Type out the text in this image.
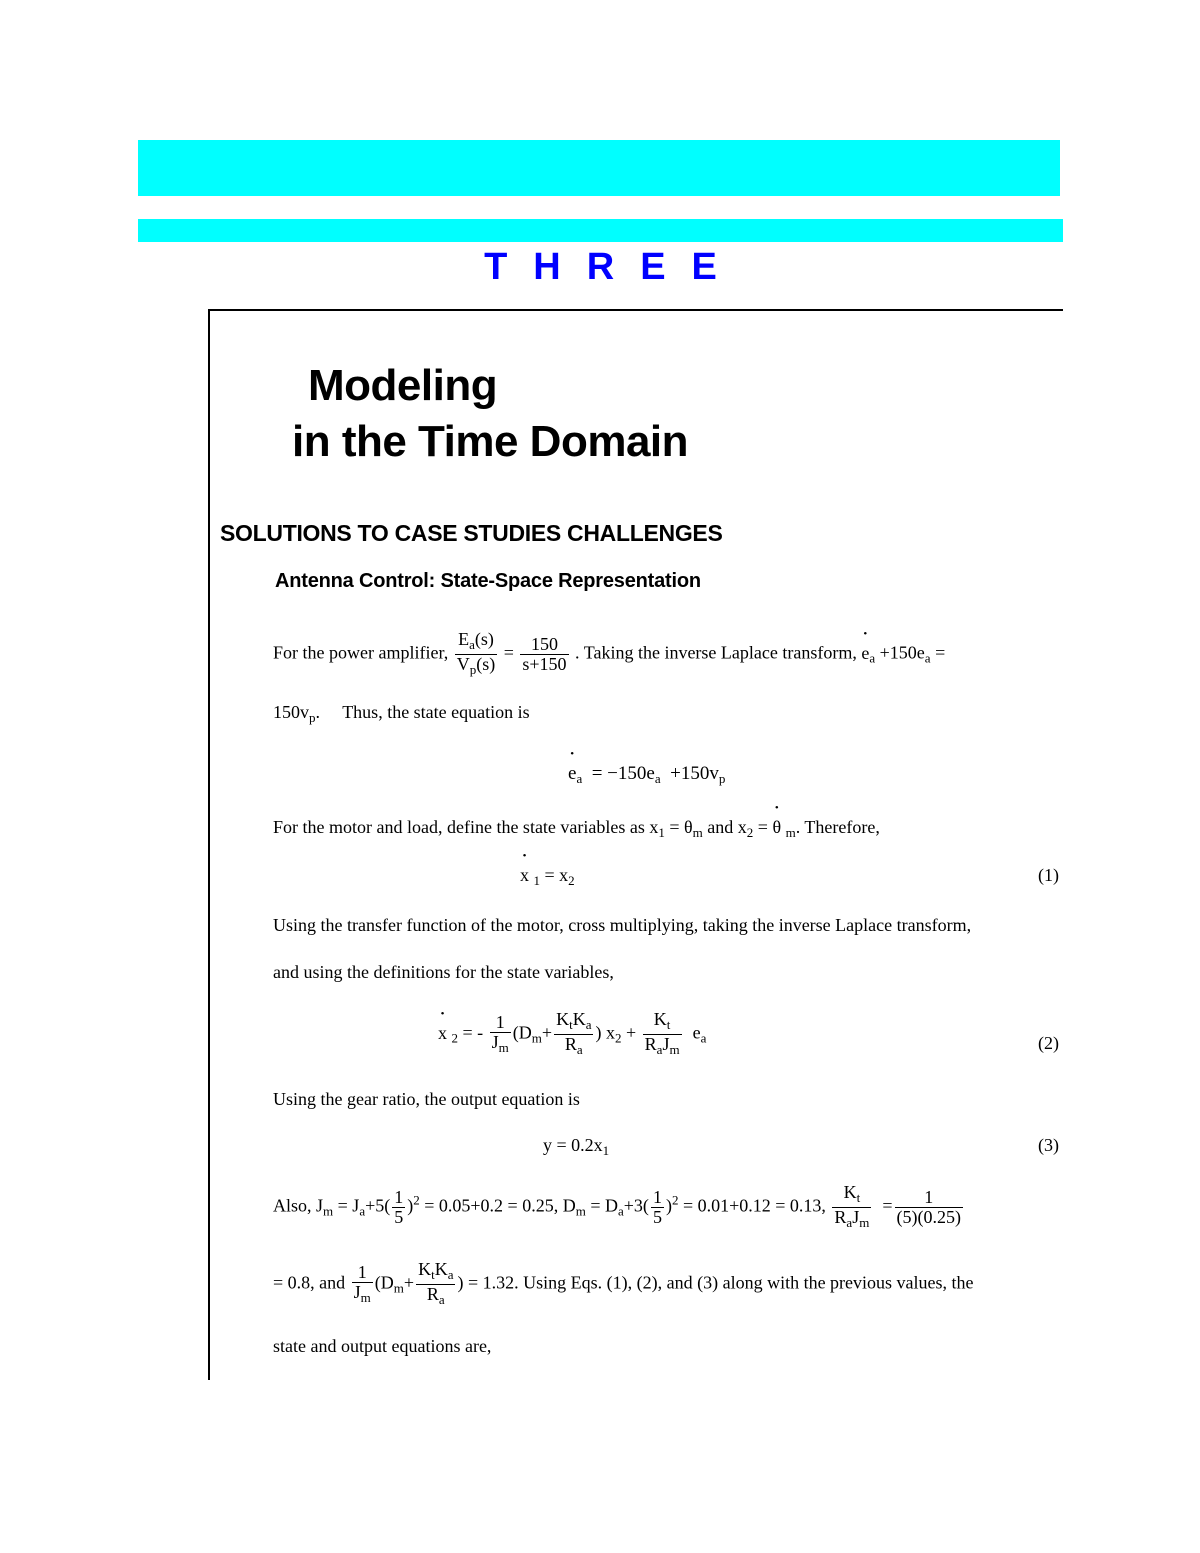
THREE
Modeling
in the Time Domain
SOLUTIONS TO CASE STUDIES CHALLENGES
Antenna Control: State-Space Representation
For the power amplifier, $\frac{E_a(s)}{V_p(s)} = \frac{150}{s+150}$ . Taking the inverse Laplace transform, • $e_a +150e_a$ =
$150v_p$.     Thus, the state equation is
• $e_a = -150e_a +150v_p$
For the motor and load, define the state variables as $x_1 = \theta_m$ and $x_2$ = • θ $_m$. Therefore,
• x $_1 = x_2$	(1)
Using the transfer function of the motor, cross multiplying, taking the inverse Laplace transform,
and using the definitions for the state variables,
• x $_2$ = - $\frac{1}{J_m} (D_m+ \frac{K_tK_a}{R_a}$ ) $x_2 + \frac{K_t}{R_aJ_m} e_a$	(2)
Using the gear ratio, the output equation is
$y = 0.2x_1$	(3)
Also, $J_m = J_a+5( \frac{1}{5} )^2 = 0.05+0.2 = 0.25$, $D_m = D_a+3( \frac{1}{5} )^2 = 0.01+0.12 = 0.13$, $\frac{K_t}{R_aJ_m} = \frac{1}{(5)(0.25)}$
= 0.8, and $\frac{1}{J_m} (D_m+ \frac{K_tK_a}{R_a}$ ) = 1.32. Using Eqs. (1), (2), and (3) along with the previous values, the
state and output equations are,
